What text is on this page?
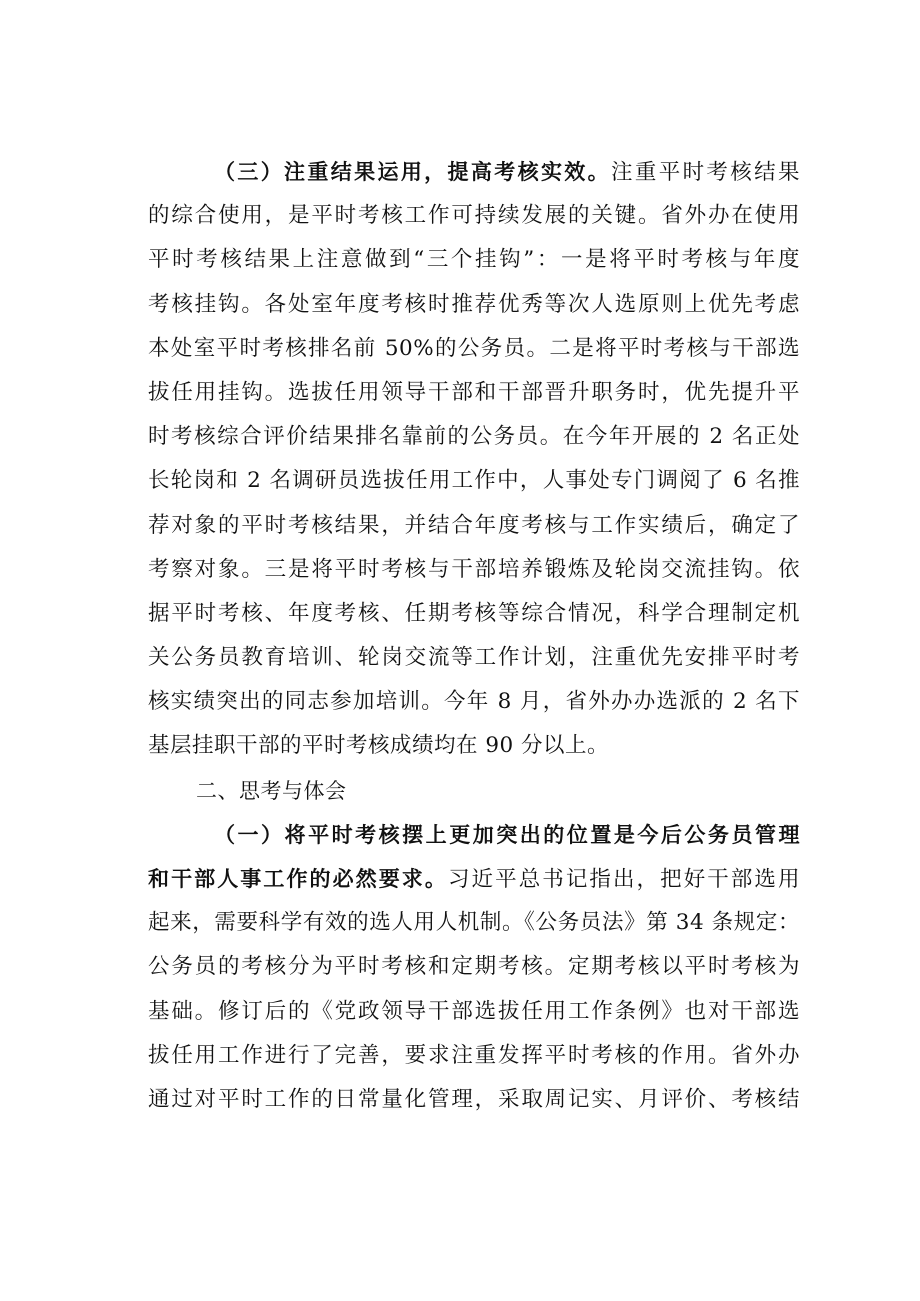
（三）注重结果运用，提高考核实效。注重平时考核结果
的综合使用，是平时考核工作可持续发展的关键。省外办在使用
平时考核结果上注意做到“三个挂钩”：一是将平时考核与年度
考核挂钩。各处室年度考核时推荐优秀等次人选原则上优先考虑
本处室平时考核排名前 50%的公务员。二是将平时考核与干部选
拔任用挂钩。选拔任用领导干部和干部晋升职务时，优先提升平
时考核综合评价结果排名靠前的公务员。在今年开展的 2 名正处
长轮岗和 2 名调研员选拔任用工作中，人事处专门调阅了 6 名推
荐对象的平时考核结果，并结合年度考核与工作实绩后，确定了
考察对象。三是将平时考核与干部培养锻炼及轮岗交流挂钩。依
据平时考核、年度考核、任期考核等综合情况，科学合理制定机
关公务员教育培训、轮岗交流等工作计划，注重优先安排平时考
核实绩突出的同志参加培训。今年 8 月，省外办办选派的 2 名下
基层挂职干部的平时考核成绩均在 90 分以上。
二、思考与体会
（一）将平时考核摆上更加突出的位置是今后公务员管理
和干部人事工作的必然要求。习近平总书记指出，把好干部选用
起来，需要科学有效的选人用人机制。《公务员法》第 34 条规定：
公务员的考核分为平时考核和定期考核。定期考核以平时考核为
基础。修订后的《党政领导干部选拔任用工作条例》也对干部选
拔任用工作进行了完善，要求注重发挥平时考核的作用。省外办
通过对平时工作的日常量化管理，采取周记实、月评价、考核结
